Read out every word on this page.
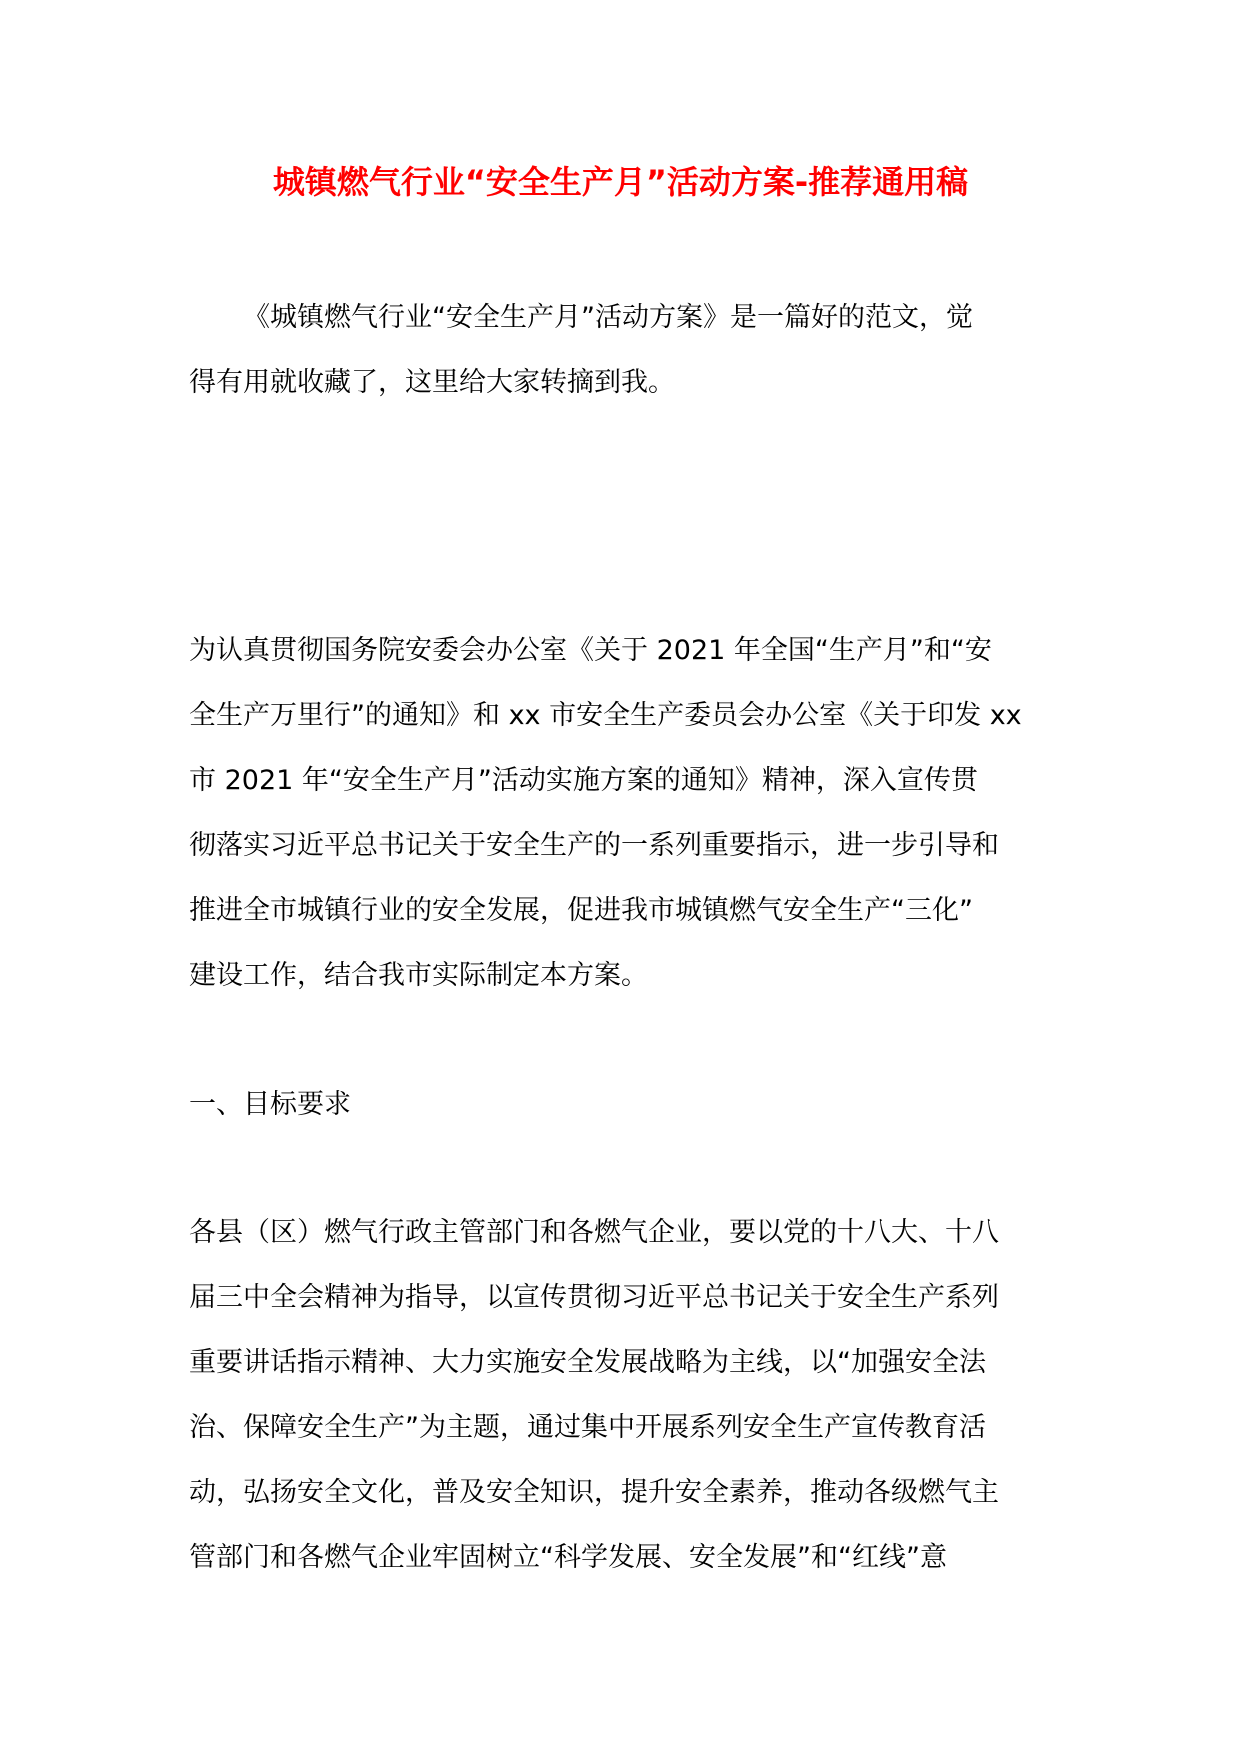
城镇燃气行业“安全生产月”活动方案-推荐通用稿
《城镇燃气行业“安全生产月”活动方案》是一篇好的范文，觉
得有用就收藏了，这里给大家转摘到我。
为认真贯彻国务院安委会办公室《关于 2021 年全国“生产月”和“安
全生产万里行”的通知》和 xx 市安全生产委员会办公室《关于印发 xx
市 2021 年“安全生产月”活动实施方案的通知》精神，深入宣传贯
彻落实习近平总书记关于安全生产的一系列重要指示，进一步引导和
推进全市城镇行业的安全发展，促进我市城镇燃气安全生产“三化”
建设工作，结合我市实际制定本方案。
一、目标要求
各县（区）燃气行政主管部门和各燃气企业，要以党的十八大、十八
届三中全会精神为指导，以宣传贯彻习近平总书记关于安全生产系列
重要讲话指示精神、大力实施安全发展战略为主线，以“加强安全法
治、保障安全生产”为主题，通过集中开展系列安全生产宣传教育活
动，弘扬安全文化，普及安全知识，提升安全素养，推动各级燃气主
管部门和各燃气企业牢固树立“科学发展、安全发展”和“红线”意
